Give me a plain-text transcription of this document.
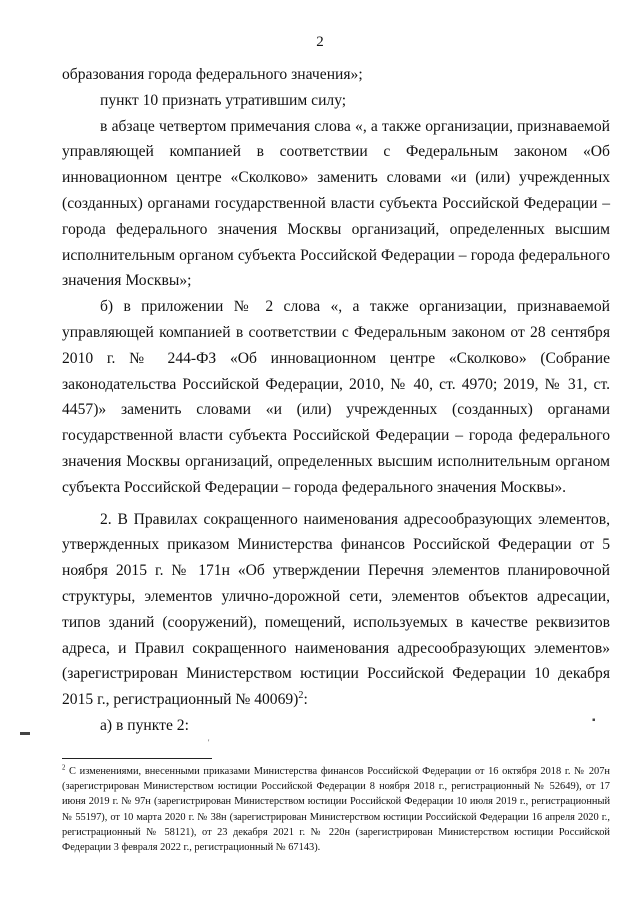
2

образования города федерального значения»;

пункт 10 признать утратившим силу;

в абзаце четвертом примечания слова «, а также организации, признаваемой управляющей компанией в соответствии с Федеральным законом «Об инновационном центре «Сколково» заменить словами «и (или) учрежденных (созданных) органами государственной власти субъекта Российской Федерации – города федерального значения Москвы организаций, определенных высшим исполнительным органом субъекта Российской Федерации – города федерального значения Москвы»;

б) в приложении № 2 слова «, а также организации, признаваемой управляющей компанией в соответствии с Федеральным законом от 28 сентября 2010 г. № 244-ФЗ «Об инновационном центре «Сколково» (Собрание законодательства Российской Федерации, 2010, № 40, ст. 4970; 2019, № 31, ст. 4457)» заменить словами «и (или) учрежденных (созданных) органами государственной власти субъекта Российской Федерации – города федерального значения Москвы организаций, определенных высшим исполнительным органом субъекта Российской Федерации – города федерального значения Москвы».

2. В Правилах сокращенного наименования адресообразующих элементов, утвержденных приказом Министерства финансов Российской Федерации от 5 ноября 2015 г. № 171н «Об утверждении Перечня элементов планировочной структуры, элементов улично-дорожной сети, элементов объектов адресации, типов зданий (сооружений), помещений, используемых в качестве реквизитов адреса, и Правил сокращенного наименования адресообразующих элементов» (зарегистрирован Министерством юстиции Российской Федерации 10 декабря 2015 г., регистрационный № 40069)$^2$:

а) в пункте 2:

▬
▪
'
$^2$ С изменениями, внесенными приказами Министерства финансов Российской Федерации от 16 октября 2018 г. № 207н (зарегистрирован Министерством юстиции Российской Федерации 8 ноября 2018 г., регистрационный № 52649), от 17 июня 2019 г. № 97н (зарегистрирован Министерством юстиции Российской Федерации 10 июля 2019 г., регистрационный № 55197), от 10 марта 2020 г. № 38н (зарегистрирован Министерством юстиции Российской Федерации 16 апреля 2020 г., регистрационный № 58121), от 23 декабря 2021 г. № 220н (зарегистрирован Министерством юстиции Российской Федерации 3 февраля 2022 г., регистрационный № 67143).
